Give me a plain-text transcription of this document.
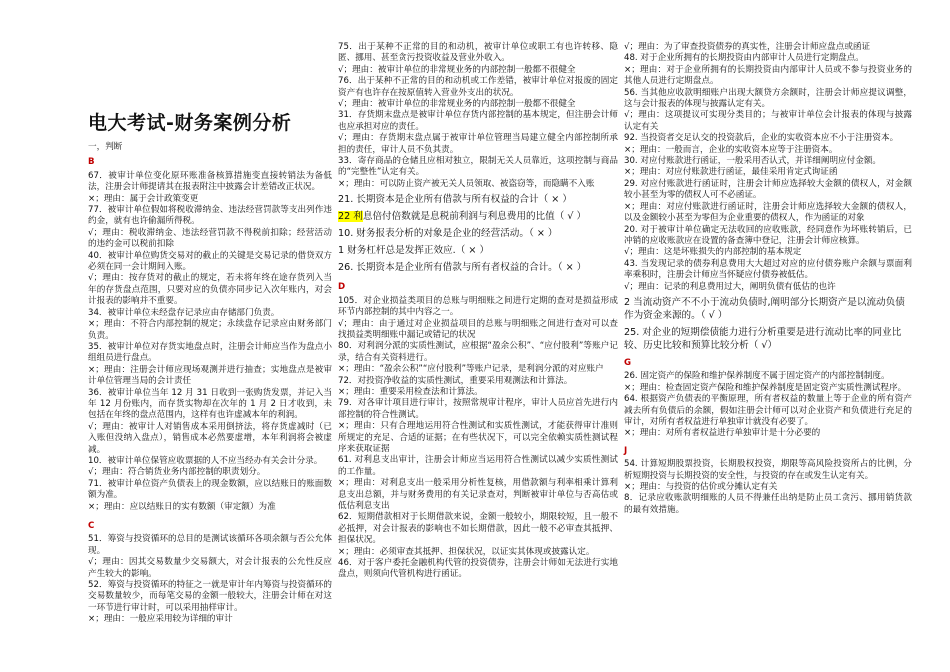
电大考试-财务案例分析
一，判断
B
67．被审计单位变化原环账准备核算措施变直接转销法为备低法，注册会计师提请其在报表附注中披露会计差错改正状况。
×；理由：属于会计政策变更
77．被审计单位假如将税收滞纳金、违法经营罚款等支出列作违约金，就有也许偷漏所得税。
√；理由：税收滞纳金、违法经营罚款不得税前扣除；经营活动的违约金可以税前扣除
40．被审计单位购货交易对的截止的关键是交易记录的借贷双方必须在同一会计期间入账。
√；理由：按存货对的截止的规定，若未将年终在途存货列入当年的存货盘点范围，只要对应的负债亦同步记入次年账内，对会计报表的影响并不重要。
34．被审计单位未经盘存记录应由存储部门负责。
×；理由：不符合内部控制的规定；永续盘存记录应由财务部门负责。
35．被审计单位对存货实地盘点时，注册会计师应当作为盘点小组组员进行盘点。
×；理由：注册会计师应现场观测并进行抽查；实地盘点是被审计单位管理当局的会计责任
36．被审计单位当年 12 月 31 日收到一张购货发票，并记入当年 12 月份账内，而存货实物却在次年的 1 月 2 日才收到，未包括在年终的盘点范围内，这样有也许虚减本年的利润。
√；理由：被审计人对销售成本采用倒挤法，将存货虚减时（已入账但没纳入盘点），销售成本必然要虚增，本年利润将会被虚减。
10．被审计单位保管应收票据的人不应当经办有关会计分录。
√；理由：符合销货业务内部控制的职责划分。
71．被审计单位资产负债表上的现金数额，应以结账日的账面数额为准。
×；理由：应以结账日的实有数额（审定额）为准
C
51．筹资与投资循环的总目的是测试该循环各项余额与否公允体现。
√；理由：因其交易数量少交易额大，对会计报表的公允性反应产生较大的影响。
52．筹资与投资循环的特征之一就是审计年内筹资与投资循环的交易数量较少，而每笔交易的金额一般较大，注册会计师在对这一环节进行审计时，可以采用抽样审计。
×；理由：一般应采用较为详细的审计
75．出于某种不正常的目的和动机，被审计单位或职工有也许转移、隐匿、挪用、甚至贪污投资收益及营业外收入。
√；理由：被审计单位的非常规业务的内部控制一般都不很健全
76．出于某种不正常的目的和动机或工作差错，被审计单位对报废的固定资产有也许存在按原值转入营业外支出的状况。
√；理由：被审计单位的非常规业务的内部控制一般都不很健全
31．存货期末盘点是被审计单位存货内部控制的基本规定，但注册会计师也应承担对应的责任。
√；理由：存货期末盘点属于被审计单位管理当局建立健全内部控制所承担的责任，审计人员不负其责。
33．寄存商品的仓储且应相对独立，限制无关人员靠近，这项控制与商品的“完整性”认定有关。
×；理由：可以防止资产被无关人员领取、被盗窃等，而隐瞒不入账
21. 长期资本是企业所有借款与所有权益的合计（ × ）
22 利息倍付倍数就是息税前利润与利息费用的比值（ √ ）
10. 财务报表分析的对象是企业的经营活动。（ × ）
1 财务杠杆总是发挥正效应.（ × ）
26. 长期资本是企业所有借款与所有者权益的合计。（ × ）
D
105．对企业损益类项目的总账与明细账之间进行定期的查对是损益形成环节内部控制的其中内容之一。
√；理由：由于通过对企业损益项目的总账与明细账之间进行查对可以查找损益类明细账中漏记或错记的状况
80．对利润分派的实质性测试，应根据“盈余公积”、“应付股利”等账户记录，结合有关资料进行。
×；理由：“盈余公积”“应付股利”等账户记录，是利润分派的对应账户
72．对投资净收益的实质性测试，重要采用观测法和计算法。
×；理由：重要采用检查法和计算法。
79．对各审计项目进行审计，按照常规审计程序，审计人员应首先进行内部控制的符合性测试。
×；理由：只有合理地运用符合性测试和实质性测试，才能获得审计准则所规定的充足、合适的证据；在有些状况下，可以完全依赖实质性测试程序来获取证据
61. 对利息支出审计，注册会计师应当运用符合性测试以减少实质性测试的工作量。
×；理由：对利息支出一般采用分析性复核，用借款额与利率相乘计算利息支出总额，并与财务费用的有关记录查对，判断被审计单位与否高估或低估利息支出
62．短期借款相对于长期借款来说，金额一般较小，期限较短，且一般不必抵押，对会计报表的影响也不如长期借款，因此一般不必审查其抵押、担保状况。
×；理由：必须审查其抵押、担保状况，以证实其体现或披露认定。
46．对于客户委托金融机构代管的投资债券，注册会计师如无法进行实地盘点，则须向代管机构进行函证。
√；理由：为了审查投资债券的真实性，注册会计师应盘点或函证
48. 对于企业所拥有的长期投资由内部审计人员进行定期盘点。
×；理由：对于企业所拥有的长期投资由内部审计人员或不参与投资业务的其他人员进行定期盘点。
56. 当其他应收款明细账户出现大额贷方余额时，注册会计师应提议调整，这与会计报表的体现与披露认定有关。
√；理由：这项提议可实现分类目的；与被审计单位会计报表的体现与披露认定有关
92. 当投资者交足认交的投资款后，企业的实收资本应不小于注册资本。
×；理由：一般而言，企业的实收资本应等于注册资本。
30. 对应付账款进行函证，一般采用否认式，并详细阐明应付金额。
×；理由：对应付账款进行函证，最佳采用肯定式询证函
29. 对应付账款进行函证时，注册会计师应选择较大金额的债权人，对金额较小甚至为零的债权人可不必函证。
×；理由：对应付账款进行函证时，注册会计师应选择较大金额的债权人，以及金额较小甚至为零但为企业重要的债权人，作为函证的对象
20. 对于被审计单位确定无法收回的应收账款，经同意作为坏账转销后，已冲销的应收账款应在设置的备查簿中登记，注册会计师应核算。
√；理由：这是坏账损失的内部控制的基本规定
43. 当发现记录的债券利息费用大大超过对应的应付债券账户余额与票面利率乘积时，注册会计师应当怀疑应付债券被低估。
√；理由：记录的利息费用过大，阐明负债有低估的也许
2 当流动资产不不小于流动负债时,阐明部分长期资产是以流动负债作为资金来源的。（ √ ）
25. 对企业的短期偿债能力进行分析重要是进行流动比率的同业比较、历史比较和预算比较分析（ √）
G
26. 固定资产的保险和维护保养制度不属于固定资产的内部控制制度。
×；理由：检查固定资产保险和维护保养制度是固定资产实质性测试程序。
64. 根据资产负债表的平衡原理，所有者权益的数量上等于企业的所有资产减去所有负债后的余额，假如注册会计师可以对企业资产和负债进行充足的审计，对所有者权益进行单独审计就没有必要了。
×；理由：对所有者权益进行单独审计是十分必要的
J
54. 计算短期股票投资，长期股权投资，期限等高风险投资所占的比例，分析短期投资与长期投资的安全性，与投资的存在或发生认定有关。
×；理由：与投资的估价或分摊认定有关
8．记录应收账款明细账的人员不得兼任出纳是防止员工贪污、挪用销货款的最有效措施。
